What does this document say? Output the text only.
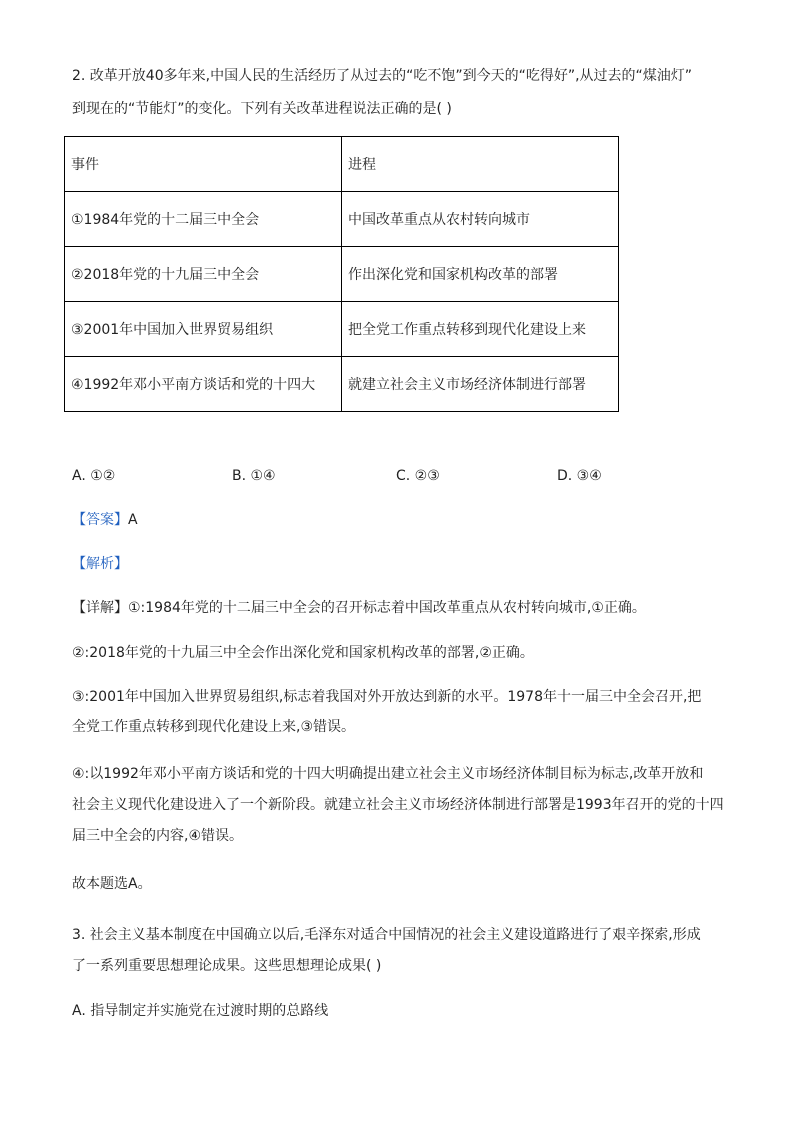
2. 改革开放40多年来,中国人民的生活经历了从过去的“吃不饱”到今天的“吃得好”,从过去的“煤油灯”
到现在的“节能灯”的变化。下列有关改革进程说法正确的是( )
事件	进程
①1984年党的十二届三中全会	中国改革重点从农村转向城市
②2018年党的十九届三中全会	作出深化党和国家机构改革的部署
③2001年中国加入世界贸易组织	把全党工作重点转移到现代化建设上来
④1992年邓小平南方谈话和党的十四大	就建立社会主义市场经济体制进行部署
A. ①②	B. ①④	C. ②③	D. ③④
【答案】A
【解析】
【详解】①:1984年党的十二届三中全会的召开标志着中国改革重点从农村转向城市,①正确。
②:2018年党的十九届三中全会作出深化党和国家机构改革的部署,②正确。
③:2001年中国加入世界贸易组织,标志着我国对外开放达到新的水平。1978年十一届三中全会召开,把
全党工作重点转移到现代化建设上来,③错误。
④:以1992年邓小平南方谈话和党的十四大明确提出建立社会主义市场经济体制目标为标志,改革开放和
社会主义现代化建设进入了一个新阶段。就建立社会主义市场经济体制进行部署是1993年召开的党的十四
届三中全会的内容,④错误。
故本题选A。
3. 社会主义基本制度在中国确立以后,毛泽东对适合中国情况的社会主义建设道路进行了艰辛探索,形成
了一系列重要思想理论成果。这些思想理论成果( )
A. 指导制定并实施党在过渡时期的总路线
